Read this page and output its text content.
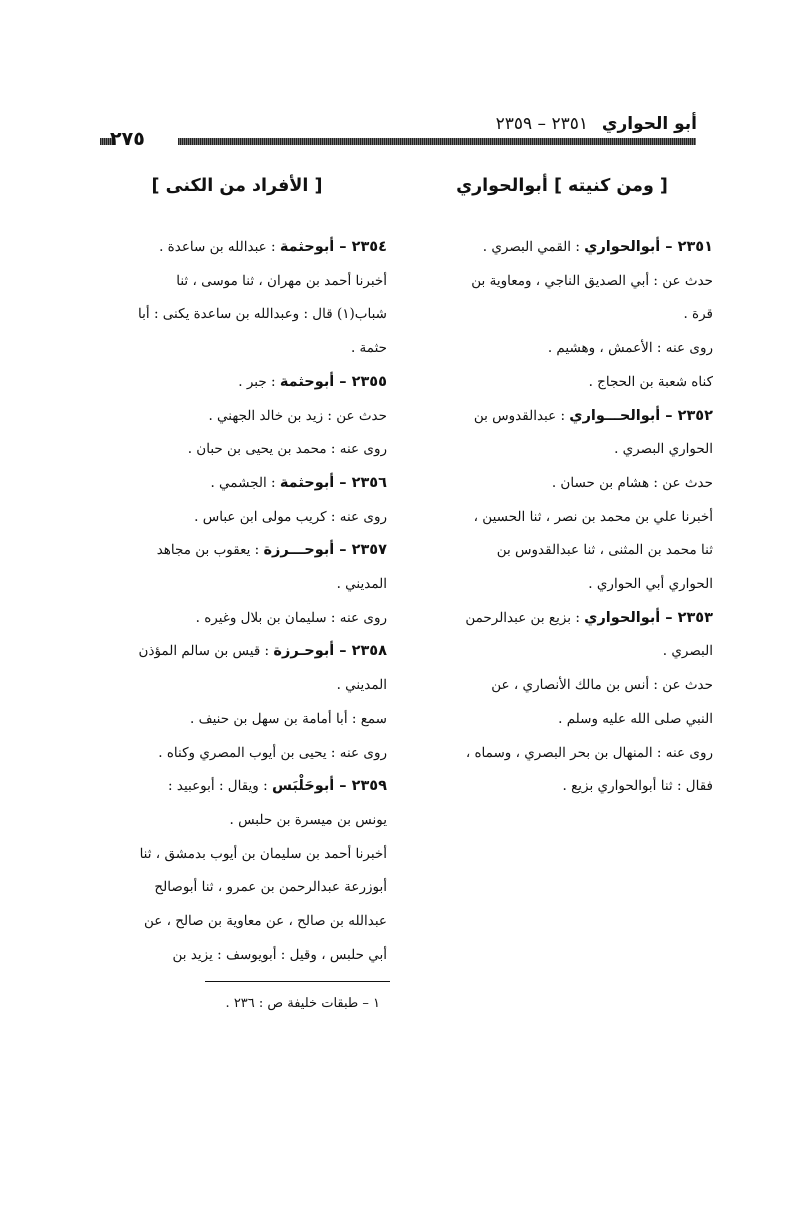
أبو الحواري ٢٣٥١ – ٢٣٥٩
٢٧٥
[ ومن كنيته ] أبوالحواري
٢٣٥١ – أبوالحواري : القمي البصري .
حدث عن : أبي الصديق الناجي ، ومعاوية بن
قرة .
روى عنه : الأعمش ، وهشيم .
كناه شعبة بن الحجاج .
٢٣٥٢ – أبوالحـــواري : عبدالقدوس بن
الحواري البصري .
حدث عن : هشام بن حسان .
أخبرنا علي بن محمد بن نصر ، ثنا الحسين ،
ثنا محمد بن المثنى ، ثنا عبدالقدوس بن
الحواري أبي الحواري .
٢٣٥٣ – أبوالحواري : بزيع بن عبدالرحمن
البصري .
حدث عن : أنس بن مالك الأنصاري ، عن
النبي صلى الله عليه وسلم .
روى عنه : المنهال بن بحر البصري ، وسماه ،
فقال : ثنا أبوالحواري بزيع .
[ الأفراد من الكنى ]
٢٣٥٤ – أبوحثمة : عبدالله بن ساعدة .
أخبرنا أحمد بن مهران ، ثنا موسى ، ثنا
شباب(١) قال : وعبدالله بن ساعدة يكنى : أبا
حثمة .
٢٣٥٥ – أبوحثمة : جبر .
حدث عن : زيد بن خالد الجهني .
روى عنه : محمد بن يحيى بن حبان .
٢٣٥٦ – أبوحثمة : الجشمي .
روى عنه : كريب مولى ابن عباس .
٢٣٥٧ – أبوحـــرزة : يعقوب بن مجاهد
المديني .
روى عنه : سليمان بن بلال وغيره .
٢٣٥٨ – أبوحـرزة : قيس بن سالم المؤذن
المديني .
سمع : أبا أمامة بن سهل بن حنيف .
روى عنه : يحيى بن أيوب المصري وكناه .
٢٣٥٩ – أبوحَلْبَس : ويقال : أبوعبيد :
يونس بن ميسرة بن حلبس .
أخبرنا أحمد بن سليمان بن أيوب بدمشق ، ثنا
أبوزرعة عبدالرحمن بن عمرو ، ثنا أبوصالح
عبدالله بن صالح ، عن معاوية بن صالح ، عن
أبي حلبس ، وقيل : أبويوسف : يزيد بن
١ – طبقات خليفة ص : ٢٣٦ .
